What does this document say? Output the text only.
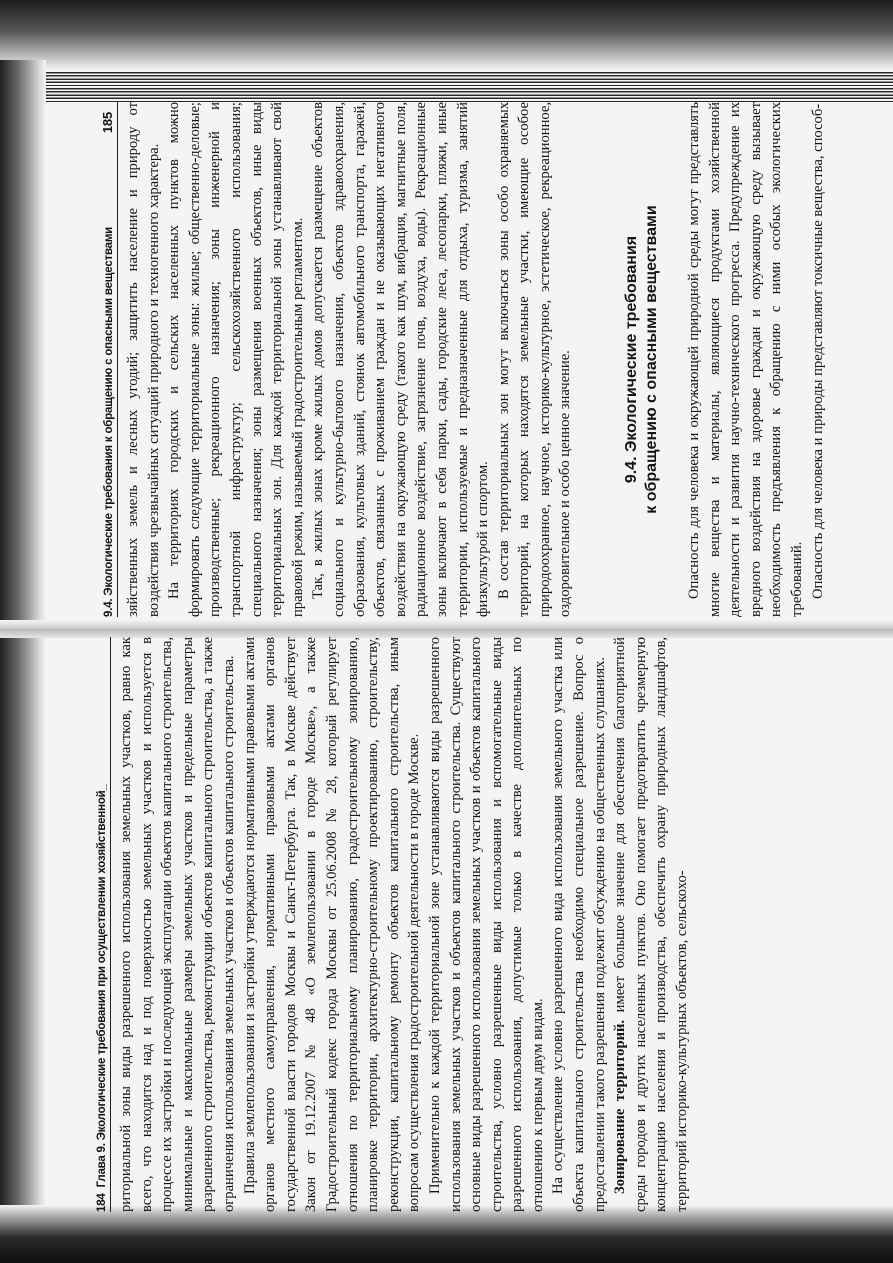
184
Глава 9. Экологические требования при осуществлении хозяйственной_ риториальной зоны виды разрешенного использования земельных участков, равно как всего, что находится над и под поверхностью земельных участков и используется в процессе их застройки и последующей эксплуатации объектов капитального строительства, минимальные и максимальные размеры земельных участков и предельные параметры разрешенного строительства, реконструкции объектов капитального строительства, а также ограничения использования земельных участков и объектов капитального строительства. Правила землепользования и застройки утверждаются нормативными правовыми актами органов местного самоуправления, нормативными правовыми актами органов государственной власти городов Москвы и Санкт-Петербурга. Так, в Москве действует Закон от 19.12.2007 № 48 «О землепользовании в городе Москве», а также Градостроительный кодекс города Москвы от 25.06.2008 № 28, который регулирует отношения по территориальному планированию, градостроительному зонированию, планировке территории, архитектурно-строительному проектированию, строительству, реконструкции, капитальному ремонту объектов капитального строительства, иным вопросам осуществления градостроительной деятельности в городе Москве. Применительно к каждой территориальной зоне устанавливаются виды разрешенного использования земельных участков и объектов капитального строительства. Существуют основные виды разрешенного использования земельных участков и объектов капитального строительства, условно разрешенные виды использования и вспомогательные виды разрешенного использования, допустимые только в качестве дополнительных по отношению к первым двум видам. На осуществление условно разрешенного вида использования земельного участка или объекта капитального строительства необходимо специальное разрешение. Вопрос о предоставлении такого разрешения подлежит обсуждению на общественных слушаниях. Зонирование территорий. имеет большое значение для обеспечения благоприятной среды городов и других населенных пунктов. Оно помогает предотвратить чрезмерную концентрацию населения и производства, обеспечить охрану природных ландшафтов, территорий историко-культурных объектов, сельскохо-

9.4. Экологические требования к обращению с опасными веществами
185 зяйственных земель и лесных угодий; защитить население и природу от воздействия чрезвычайных ситуаций природного и техногенного характера. На территориях городских и сельских населенных пунктов можно формировать следующие территориальные зоны: жилые; общественно-деловые; производственные; рекреационного назначения; зоны инженерной и транспортной инфраструктур; сельскохозяйственного использования; специального назначения; зоны размещения военных объектов, иные виды территориальных зон. Для каждой территориальной зоны устанавливают свой правовой режим, называемый градостроительным регламентом. Так, в жилых зонах кроме жилых домов допускается размещение объектов социального и культурно-бытового назначения, объектов здравоохранения, образования, культовых зданий, стоянок автомобильного транспорта, гаражей, объектов, связанных с проживанием граждан и не оказывающих негативного воздействия на окружающую среду (такого как шум, вибрация, магнитные поля, радиационное воздействие, загрязнение почв, воздуха, воды). Рекреационные зоны включают в себя парки, сады, городские леса, лесопарки, пляжи, иные территории, используемые и предназначенные для отдыха, туризма, занятий физкультурой и спортом. В состав территориальных зон могут включаться зоны особо охраняемых территорий, на которых находятся земельные участки, имеющие особое природоохранное, научное, историко-культурное, эстетическое, рекреационное, оздоровительное и особо ценное значение.	9.4. Экологические требования к обращению с опасными веществами Опасность для человека и окружающей природной среды могут представлять многие вещества и материалы, являющиеся продуктами хозяйственной деятельности и развития научно-технического прогресса. Предупреждение их вредного воздействия на здоровье граждан и окружающую среду вызывает необходимость предъявления к обращению с ними особых экологических требований. Опасность для человека и природы представляют токсичные вещества, способ-
